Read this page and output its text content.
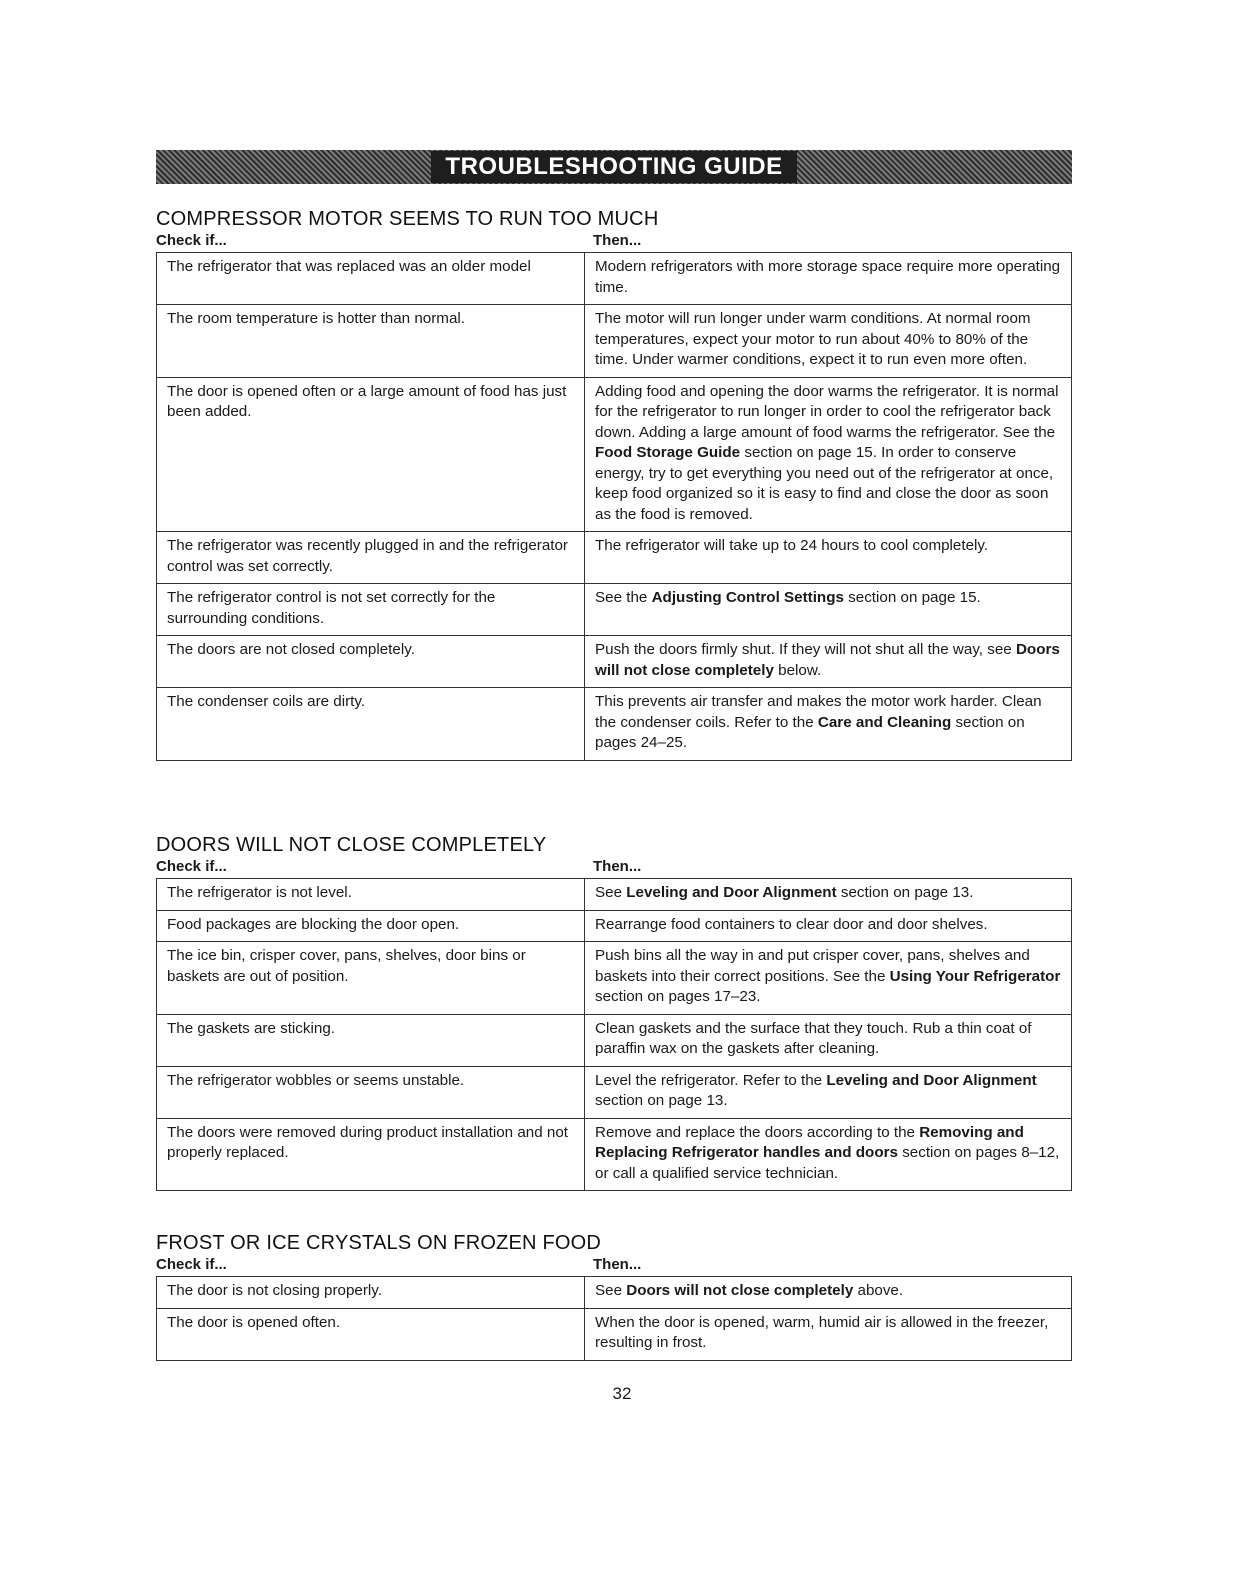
TROUBLESHOOTING GUIDE
COMPRESSOR MOTOR SEEMS TO RUN TOO MUCH
Check if...	Then...
The refrigerator that was replaced was an older model	Modern refrigerators with more storage space require more operating time.
The room temperature is hotter than normal.	The motor will run longer under warm conditions. At normal room temperatures, expect your motor to run about 40% to 80% of the time. Under warmer conditions, expect it to run even more often.
The door is opened often or a large amount of food has just been added.	Adding food and opening the door warms the refrigerator. It is normal for the refrigerator to run longer in order to cool the refrigerator back down. Adding a large amount of food warms the refrigerator. See the Food Storage Guide section on page 15. In order to conserve energy, try to get everything you need out of the refrigerator at once, keep food organized so it is easy to find and close the door as soon as the food is removed.
The refrigerator was recently plugged in and the refrigerator control was set correctly.	The refrigerator will take up to 24 hours to cool completely.
The refrigerator control is not set correctly for the surrounding conditions.	See the Adjusting Control Settings section on page 15.
The doors are not closed completely.	Push the doors firmly shut. If they will not shut all the way, see Doors will not close completely below.
The condenser coils are dirty.	This prevents air transfer and makes the motor work harder. Clean the condenser coils. Refer to the Care and Cleaning section on pages 24–25.
DOORS WILL NOT CLOSE COMPLETELY
Check if...	Then...
The refrigerator is not level.	See Leveling and Door Alignment section on page 13.
Food packages are blocking the door open.	Rearrange food containers to clear door and door shelves.
The ice bin, crisper cover, pans, shelves, door bins or baskets are out of position.	Push bins all the way in and put crisper cover, pans, shelves and baskets into their correct positions. See the Using Your Refrigerator section on pages 17–23.
The gaskets are sticking.	Clean gaskets and the surface that they touch. Rub a thin coat of paraffin wax on the gaskets after cleaning.
The refrigerator wobbles or seems unstable.	Level the refrigerator. Refer to the Leveling and Door Alignment section on page 13.
The doors were removed during product installation and not properly replaced.	Remove and replace the doors according to the Removing and Replacing Refrigerator handles and doors section on pages 8–12, or call a qualified service technician.
FROST OR ICE CRYSTALS ON FROZEN FOOD
Check if...	Then...
The door is not closing properly.	See Doors will not close completely above.
The door is opened often.	When the door is opened, warm, humid air is allowed in the freezer, resulting in frost.
32
